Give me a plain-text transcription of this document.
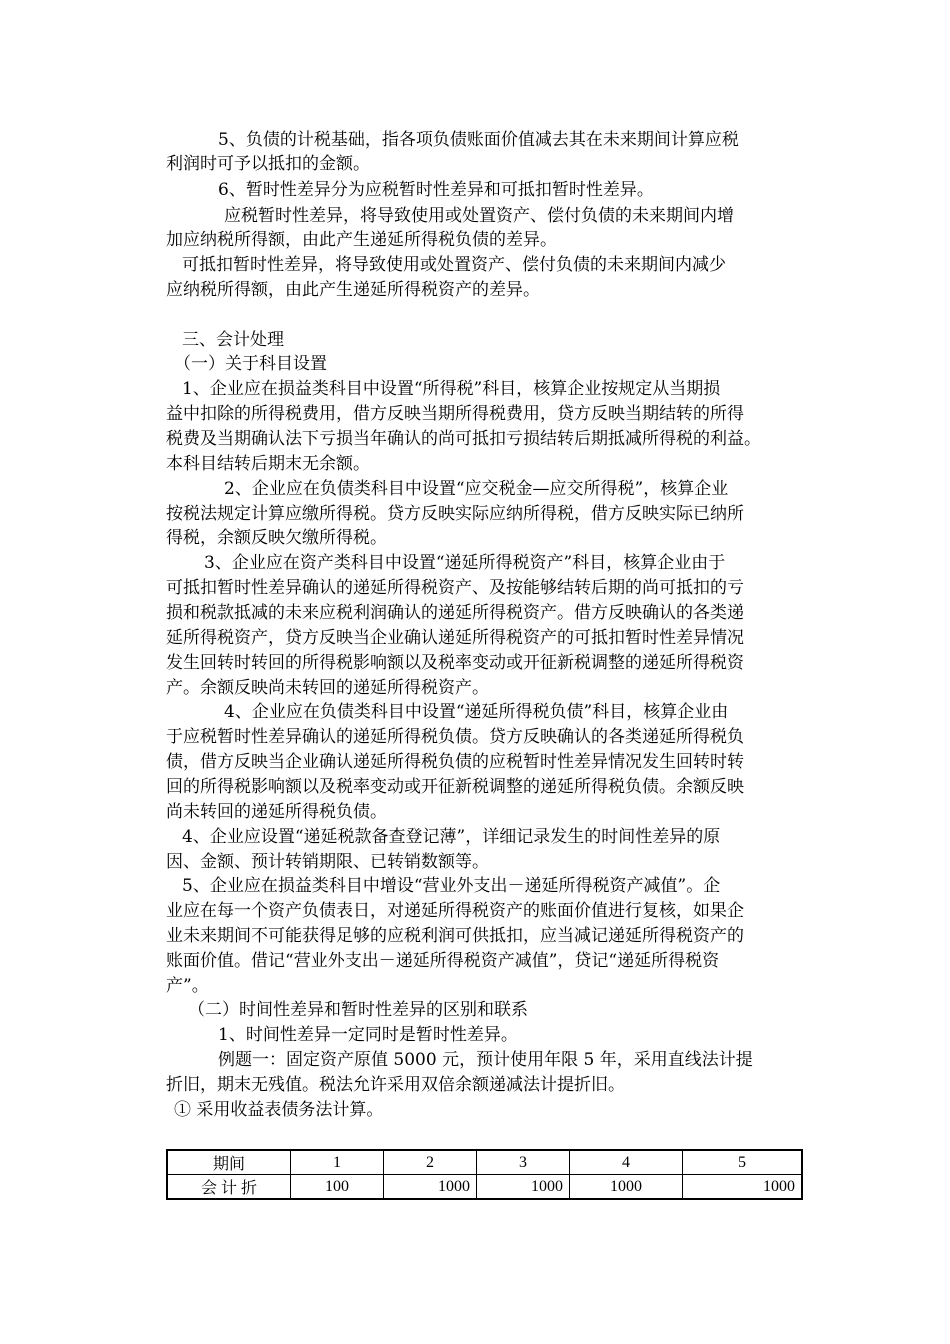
5、负债的计税基础，指各项负债账面价值减去其在未来期间计算应税
利润时可予以抵扣的金额。
6、暂时性差异分为应税暂时性差异和可抵扣暂时性差异。
应税暂时性差异，将导致使用或处置资产、偿付负债的未来期间内增
加应纳税所得额，由此产生递延所得税负债的差异。
可抵扣暂时性差异，将导致使用或处置资产、偿付负债的未来期间内减少
应纳税所得额，由此产生递延所得税资产的差异。
三、会计处理
（一）关于科目设置
1、企业应在损益类科目中设置“所得税”科目，核算企业按规定从当期损
益中扣除的所得税费用，借方反映当期所得税费用，贷方反映当期结转的所得
税费及当期确认法下亏损当年确认的尚可抵扣亏损结转后期抵减所得税的利益。
本科目结转后期末无余额。
2、企业应在负债类科目中设置“应交税金—应交所得税”，核算企业
按税法规定计算应缴所得税。贷方反映实际应纳所得税，借方反映实际已纳所
得税，余额反映欠缴所得税。
3、企业应在资产类科目中设置“递延所得税资产”科目，核算企业由于
可抵扣暂时性差异确认的递延所得税资产、及按能够结转后期的尚可抵扣的亏
损和税款抵减的未来应税利润确认的递延所得税资产。借方反映确认的各类递
延所得税资产，贷方反映当企业确认递延所得税资产的可抵扣暂时性差异情况
发生回转时转回的所得税影响额以及税率变动或开征新税调整的递延所得税资
产。余额反映尚未转回的递延所得税资产。
4、企业应在负债类科目中设置“递延所得税负债”科目，核算企业由
于应税暂时性差异确认的递延所得税负债。贷方反映确认的各类递延所得税负
债，借方反映当企业确认递延所得税负债的应税暂时性差异情况发生回转时转
回的所得税影响额以及税率变动或开征新税调整的递延所得税负债。余额反映
尚未转回的递延所得税负债。
4、企业应设置“递延税款备查登记薄”，详细记录发生的时间性差异的原
因、金额、预计转销期限、已转销数额等。
5、企业应在损益类科目中增设“营业外支出－递延所得税资产减值”。企
业应在每一个资产负债表日，对递延所得税资产的账面价值进行复核，如果企
业未来期间不可能获得足够的应税利润可供抵扣，应当减记递延所得税资产的
账面价值。借记“营业外支出－递延所得税资产减值”，贷记“递延所得税资
产”。
（二）时间性差异和暂时性差异的区别和联系
1、时间性差异一定同时是暂时性差异。
例题一：固定资产原值 5000 元，预计使用年限 5 年，采用直线法计提
折旧，期末无残值。税法允许采用双倍余额递减法计提折旧。
① 采用收益表债务法计算。
期间	1	2	3	4	5
会 计 折	100	1000	1000	1000	1000
